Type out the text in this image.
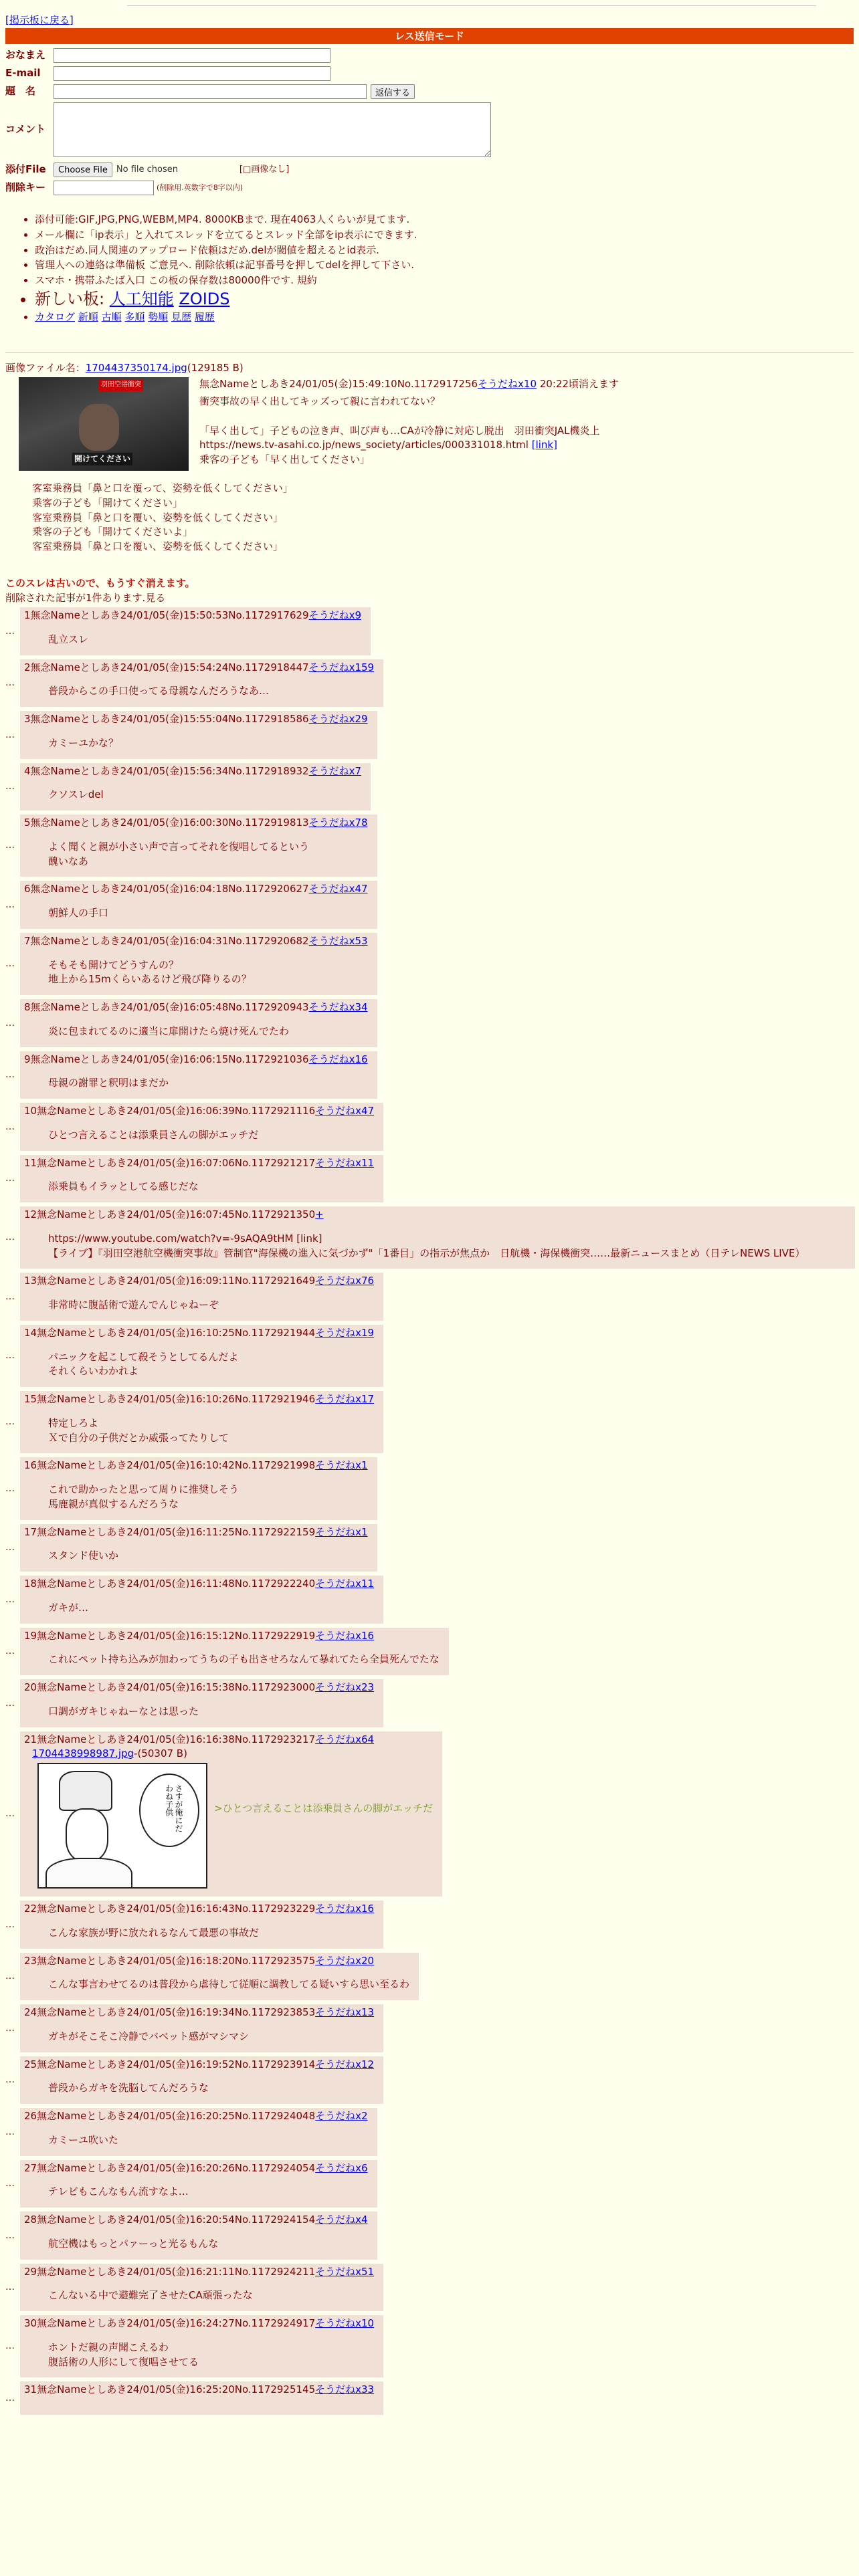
[掲示板に戻る]
レス送信モード
おなまえ
E-mail
題　名	返信する
コメント
添付File	Choose File	No file chosen	[□画像なし]
削除キー	(削除用.英数字で8字以内)
• 添付可能:GIF,JPG,PNG,WEBM,MP4. 8000KBまで. 現在4063人くらいが見てます.
• メール欄に「ip表示」と入れてスレッドを立てるとスレッド全部をip表示にできます.
• 政治はだめ.同人関連のアップロード依頼はだめ.delが閾値を超えるとid表示.
• 管理人への連絡は準備板 ご意見へ. 削除依頼は記事番号を押してdelを押して下さい.
• スマホ・携帯ふたば入口 この板の保存数は80000件です. 規約
• 新しい板: 人工知能 ZOIDS
• カタログ 新順 古順 多順 勢順 見歴 履歴
画像ファイル名：1704437350174.jpg(129185 B)
羽田空港衝突
開けてください
無念Nameとしあき24/01/05(金)15:49:10No.1172917256そうだねx10 20:22頃消えます
衝突事故の早く出してキッズって親に言われてない？

「早く出して」子どもの泣き声、叫び声も…CAが冷静に対応し脱出　羽田衝突JAL機炎上
https://news.tv-asahi.co.jp/news_society/articles/000331018.html [link]
乗客の子ども「早く出してください」
客室乗務員「鼻と口を覆って、姿勢を低くしてください」
乗客の子ども「開けてください」
客室乗務員「鼻と口を覆い、姿勢を低くしてください」
乗客の子ども「開けてくださいよ」
客室乗務員「鼻と口を覆い、姿勢を低くしてください」
このスレは古いので、もうすぐ消えます。
削除された記事が1件あります.見る
…
1無念Nameとしあき24/01/05(金)15:50:53No.1172917629そうだねx9
乱立スレ
…
2無念Nameとしあき24/01/05(金)15:54:24No.1172918447そうだねx159
普段からこの手口使ってる母親なんだろうなあ…
…
3無念Nameとしあき24/01/05(金)15:55:04No.1172918586そうだねx29
カミーユかな？
…
4無念Nameとしあき24/01/05(金)15:56:34No.1172918932そうだねx7
クソスレdel
…
5無念Nameとしあき24/01/05(金)16:00:30No.1172919813そうだねx78
よく聞くと親が小さい声で言ってそれを復唱してるという
醜いなあ
…
6無念Nameとしあき24/01/05(金)16:04:18No.1172920627そうだねx47
朝鮮人の手口
…
7無念Nameとしあき24/01/05(金)16:04:31No.1172920682そうだねx53
そもそも開けてどうすんの？
地上から15mくらいあるけど飛び降りるの？
…
8無念Nameとしあき24/01/05(金)16:05:48No.1172920943そうだねx34
炎に包まれてるのに適当に扉開けたら焼け死んでたわ
…
9無念Nameとしあき24/01/05(金)16:06:15No.1172921036そうだねx16
母親の謝罪と釈明はまだか
…
10無念Nameとしあき24/01/05(金)16:06:39No.1172921116そうだねx47
ひとつ言えることは添乗員さんの脚がエッチだ
…
11無念Nameとしあき24/01/05(金)16:07:06No.1172921217そうだねx11
添乗員もイラッとしてる感じだな
…
12無念Nameとしあき24/01/05(金)16:07:45No.1172921350+
https://www.youtube.com/watch?v=-9sAQA9tHM [link]
【ライブ】『羽田空港航空機衝突事故』管制官"海保機の進入に気づかず"「1番目」の指示が焦点か　日航機・海保機衝突……最新ニュースまとめ（日テレNEWS LIVE）
…
13無念Nameとしあき24/01/05(金)16:09:11No.1172921649そうだねx76
非常時に腹話術で遊んでんじゃねーぞ
…
14無念Nameとしあき24/01/05(金)16:10:25No.1172921944そうだねx19
パニックを起こして殺そうとしてるんだよ
それくらいわかれよ
…
15無念Nameとしあき24/01/05(金)16:10:26No.1172921946そうだねx17
特定しろよ
Ｘで自分の子供だとか威張ってたりして
…
16無念Nameとしあき24/01/05(金)16:10:42No.1172921998そうだねx1
これで助かったと思って周りに推奨しそう
馬鹿親が真似するんだろうな
…
17無念Nameとしあき24/01/05(金)16:11:25No.1172922159そうだねx1
スタンド使いか
…
18無念Nameとしあき24/01/05(金)16:11:48No.1172922240そうだねx11
ガキが…
…
19無念Nameとしあき24/01/05(金)16:15:12No.1172922919そうだねx16
これにペット持ち込みが加わってうちの子も出させろなんて暴れてたら全員死んでたな
…
20無念Nameとしあき24/01/05(金)16:15:38No.1172923000そうだねx23
口調がガキじゃねーなとは思った
…
21無念Nameとしあき24/01/05(金)16:16:38No.1172923217そうだねx64
1704438998987.jpg-(50307 B)
さすが俺にだわね子供	>ひとつ言えることは添乗員さんの脚がエッチだ
…
22無念Nameとしあき24/01/05(金)16:16:43No.1172923229そうだねx16
こんな家族が野に放たれるなんて最悪の事故だ
…
23無念Nameとしあき24/01/05(金)16:18:20No.1172923575そうだねx20
こんな事言わせてるのは普段から虐待して従順に調教してる疑いすら思い至るわ
…
24無念Nameとしあき24/01/05(金)16:19:34No.1172923853そうだねx13
ガキがそこそこ冷静でバベット感がマシマシ
…
25無念Nameとしあき24/01/05(金)16:19:52No.1172923914そうだねx12
普段からガキを洗脳してんだろうな
…
26無念Nameとしあき24/01/05(金)16:20:25No.1172924048そうだねx2
カミーユ吹いた
…
27無念Nameとしあき24/01/05(金)16:20:26No.1172924054そうだねx6
テレビもこんなもん流すなよ…
…
28無念Nameとしあき24/01/05(金)16:20:54No.1172924154そうだねx4
航空機はもっとパァーっと光るもんな
…
29無念Nameとしあき24/01/05(金)16:21:11No.1172924211そうだねx51
こんないる中で避難完了させたCA頑張ったな
…
30無念Nameとしあき24/01/05(金)16:24:27No.1172924917そうだねx10
ホントだ親の声聞こえるわ
腹話術の人形にして復唱させてる
…
31無念Nameとしあき24/01/05(金)16:25:20No.1172925145そうだねx33
